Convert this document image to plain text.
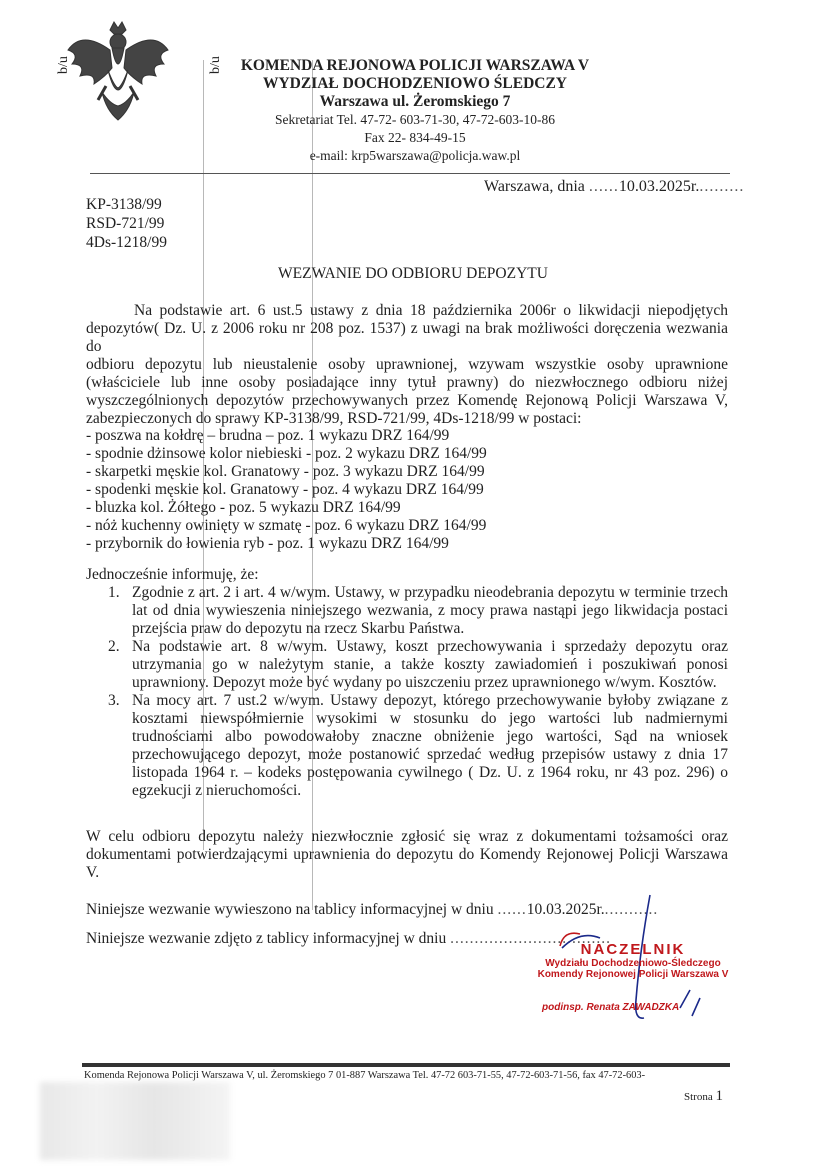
b/u	b/u	KOMENDA REJONOWA POLICJI WARSZAWA V
WYDZIAŁ DOCHODZENIOWO ŚLEDCZY
Warszawa ul. Żeromskiego 7
Sekretariat Tel. 47-72- 603-71-30, 47-72-603-10-86
Fax 22- 834-49-15
e-mail: krp5warszawa@policja.waw.pl
Warszawa, dnia ......10.03.2025r..........
KP-3138/99
RSD-721/99
4Ds-1218/99
WEZWANIE DO ODBIORU DEPOZYTU
Na podstawie art. 6 ust.5 ustawy z dnia 18 października 2006r o likwidacji niepodjętych
depozytów( Dz. U. z 2006 roku nr 208 poz. 1537) z uwagi na brak możliwości doręczenia wezwania do
odbioru depozytu lub nieustalenie osoby uprawnionej, wzywam wszystkie osoby uprawnione
(właściciele lub inne osoby posiadające inny tytuł prawny) do niezwłocznego odbioru niżej
wyszczególnionych depozytów przechowywanych przez Komendę Rejonową Policji Warszawa V,
zabezpieczonych do sprawy KP-3138/99, RSD-721/99, 4Ds-1218/99 w postaci:
- poszwa na kołdrę – brudna – poz. 1 wykazu DRZ 164/99
- spodnie dżinsowe kolor niebieski - poz. 2 wykazu DRZ 164/99
- skarpetki męskie kol. Granatowy - poz. 3 wykazu DRZ 164/99
- spodenki męskie kol. Granatowy - poz. 4 wykazu DRZ 164/99
- bluzka kol. Żółtego - poz. 5 wykazu DRZ 164/99
- nóż kuchenny owinięty w szmatę - poz. 6 wykazu DRZ 164/99
- przybornik do łowienia ryb - poz. 1 wykazu DRZ 164/99
Jednocześnie informuję, że:
1. Zgodnie z art. 2 i art. 4 w/wym. Ustawy, w przypadku nieodebrania depozytu w terminie trzech lat od dnia wywieszenia niniejszego wezwania, z mocy prawa nastąpi jego likwidacja postaci przejścia praw do depozytu na rzecz Skarbu Państwa.
2. Na podstawie art. 8 w/wym. Ustawy, koszt przechowywania i sprzedaży depozytu oraz utrzymania go w należytym stanie, a także koszty zawiadomień i poszukiwań ponosi uprawniony. Depozyt może być wydany po uiszczeniu przez uprawnionego w/wym. Kosztów.
3. Na mocy art. 7 ust.2 w/wym. Ustawy depozyt, którego przechowywanie byłoby związane z kosztami niewspółmiernie wysokimi w stosunku do jego wartości lub nadmiernymi trudnościami albo powodowałoby znaczne obniżenie jego wartości, Sąd na wniosek przechowującego depozyt, może postanowić sprzedać według przepisów ustawy z dnia 17 listopada 1964 r. – kodeks postępowania cywilnego ( Dz. U. z 1964 roku, nr 43 poz. 296) o egzekucji z nieruchomości.
W celu odbioru depozytu należy niezwłocznie zgłosić się wraz z dokumentami tożsamości oraz
dokumentami potwierdzającymi uprawnienia do depozytu do Komendy Rejonowej Policji Warszawa V.
Niniejsze wezwanie wywieszono na tablicy informacyjnej w dniu ......10.03.2025r............
Niniejsze wezwanie zdjęto z tablicy informacyjnej w dniu .................................
NACZELNIK
Wydziału Dochodzeniowo-Śledczego
Komendy Rejonowej Policji Warszawa V
podinsp. Renata ZAWADZKA
Komenda Rejonowa Policji Warszawa V, ul. Żeromskiego 7 01-887 Warszawa Tel. 47-72 603-71-55, 47-72-603-71-56, fax 47-72-603-
Strona 1
